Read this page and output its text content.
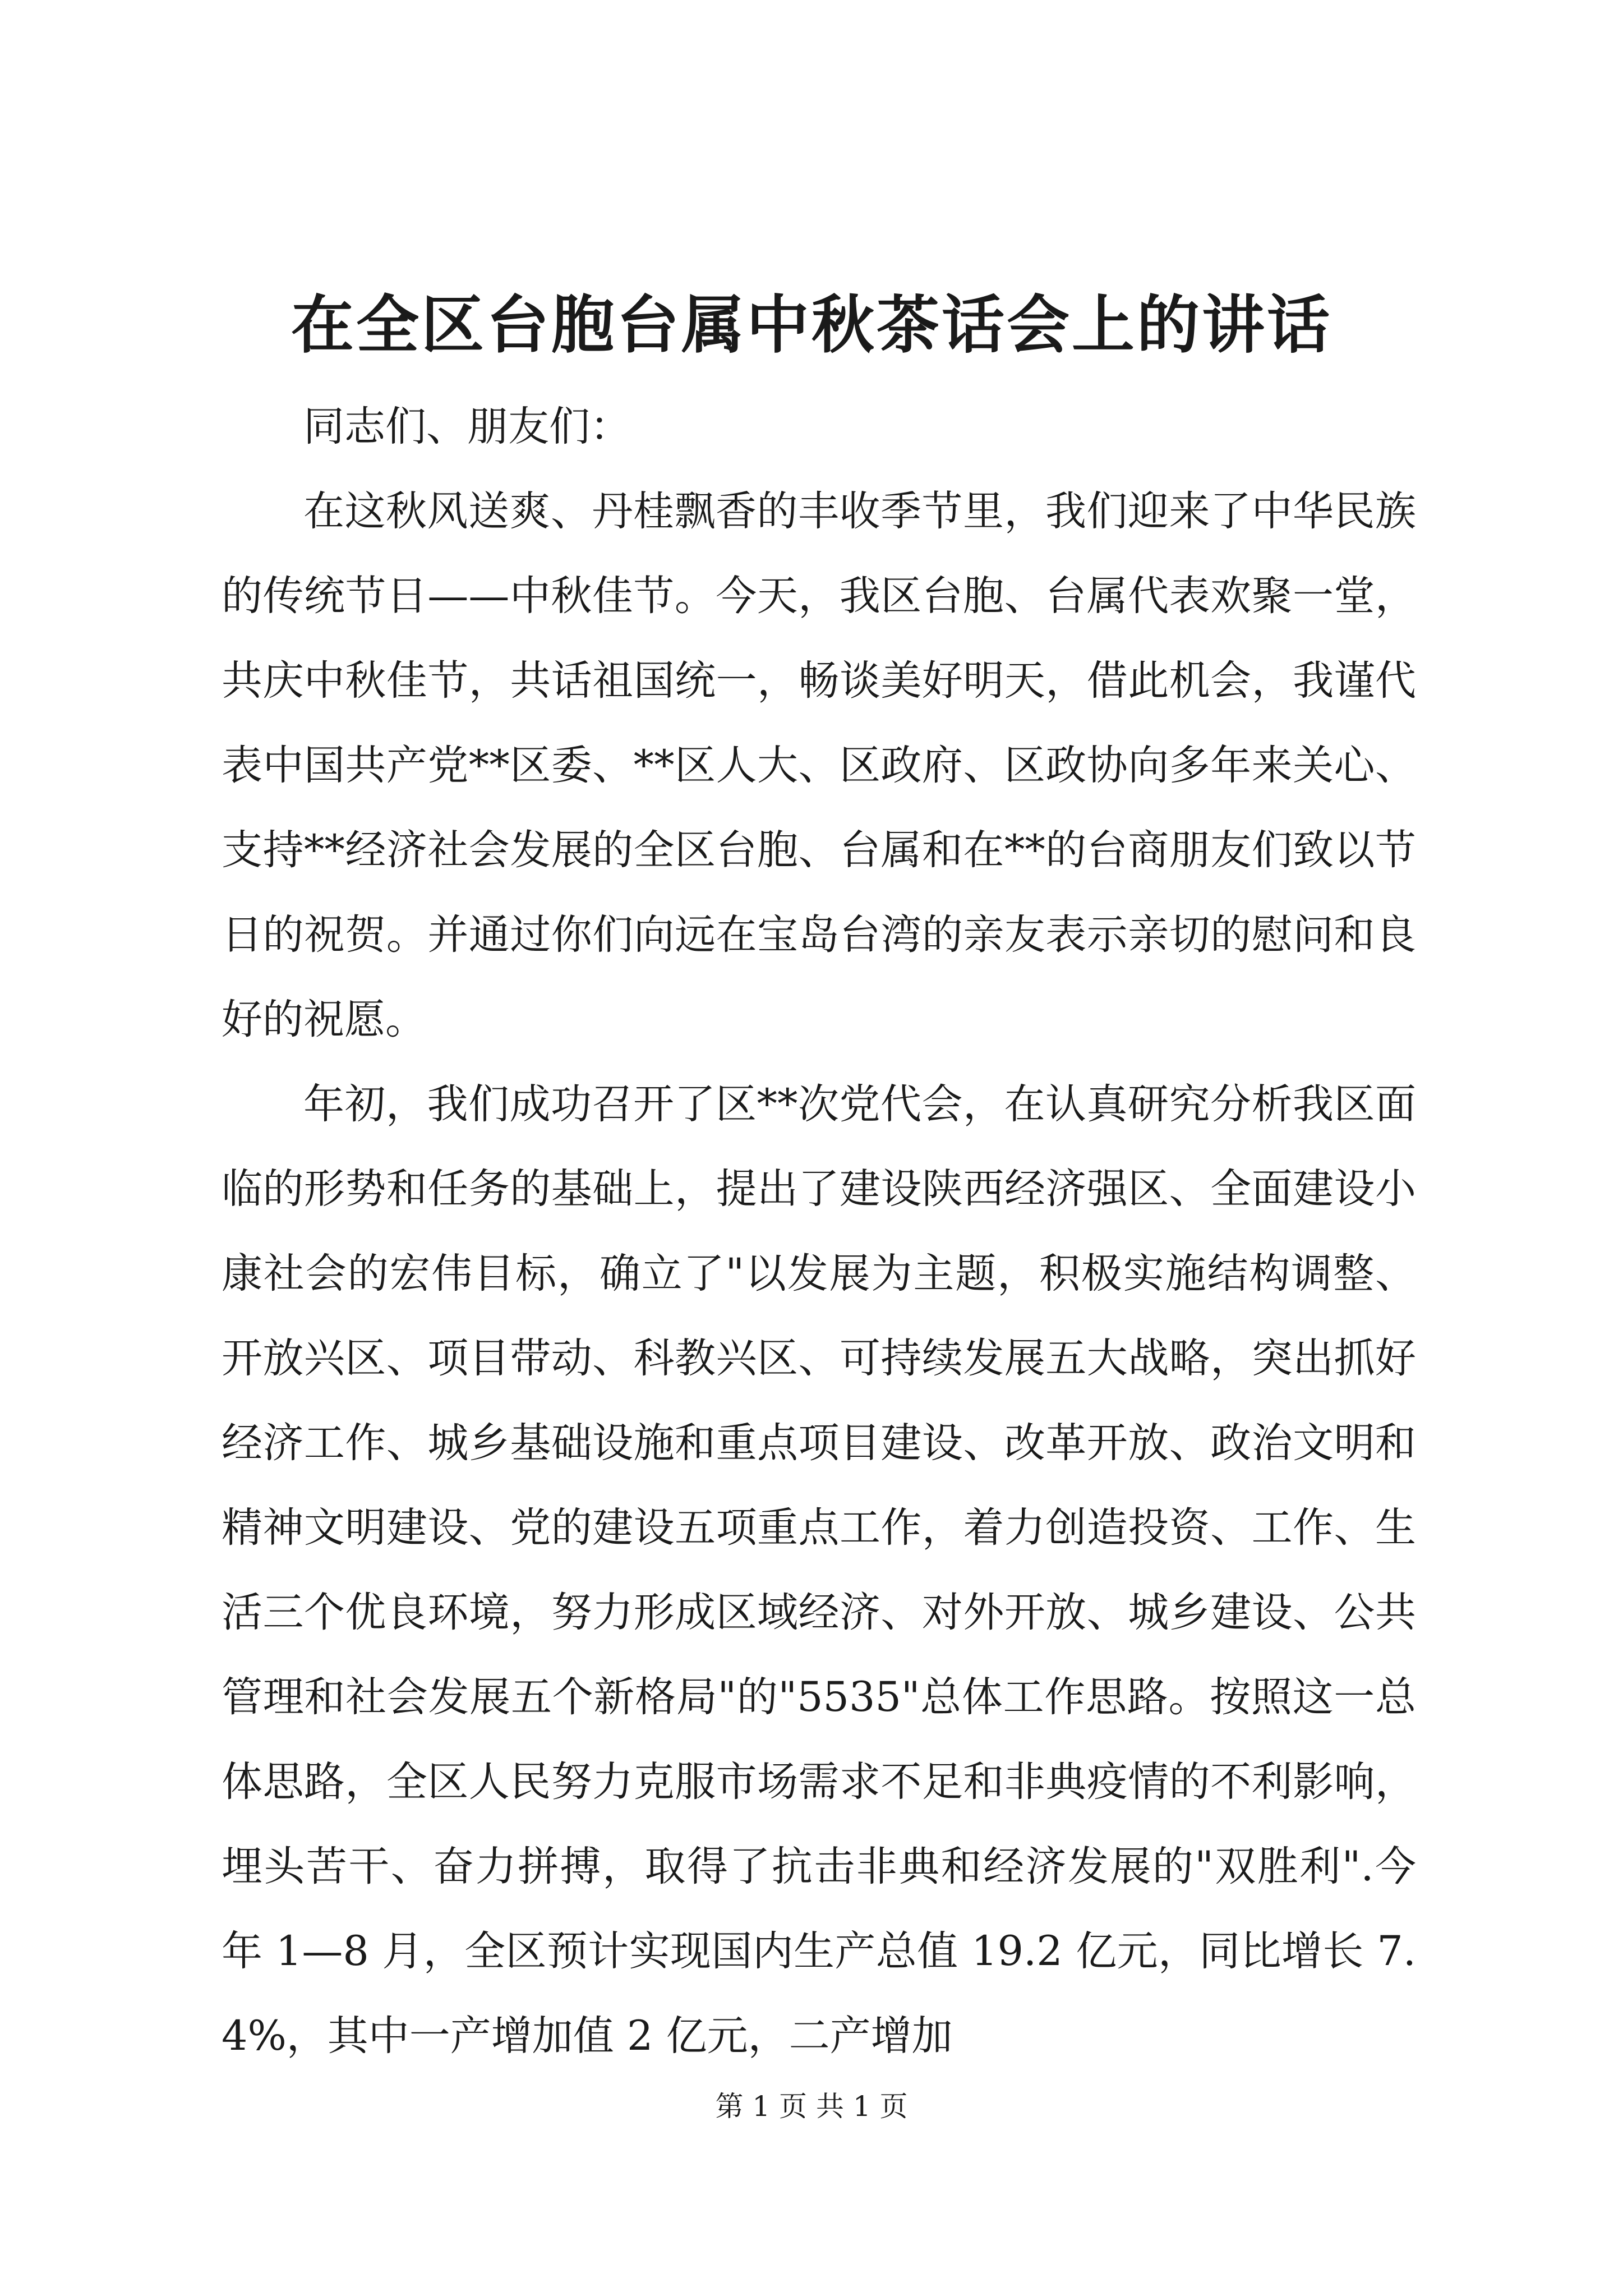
在全区台胞台属中秋茶话会上的讲话

同志们、朋友们：

在这秋风送爽、丹桂飘香的丰收季节里，我们迎来了中华民族的传统节日——中秋佳节。今天，我区台胞、台属代表欢聚一堂，共庆中秋佳节，共话祖国统一，畅谈美好明天，借此机会，我谨代表中国共产党**区委、**区人大、区政府、区政协向多年来关心、支持**经济社会发展的全区台胞、台属和在**的台商朋友们致以节日的祝贺。并通过你们向远在宝岛台湾的亲友表示亲切的慰问和良好的祝愿。

年初，我们成功召开了区**次党代会，在认真研究分析我区面临的形势和任务的基础上，提出了建设陕西经济强区、全面建设小康社会的宏伟目标，确立了"以发展为主题，积极实施结构调整、开放兴区、项目带动、科教兴区、可持续发展五大战略，突出抓好经济工作、城乡基础设施和重点项目建设、改革开放、政治文明和精神文明建设、党的建设五项重点工作，着力创造投资、工作、生活三个优良环境，努力形成区域经济、对外开放、城乡建设、公共管理和社会发展五个新格局"的"5535"总体工作思路。按照这一总体思路，全区人民努力克服市场需求不足和非典疫情的不利影响，埋头苦干、奋力拼搏，取得了抗击非典和经济发展的"双胜利".今年 1—8 月，全区预计实现国内生产总值 19.2 亿元，同比增长 7.4%，其中一产增加值 2 亿元，二产增加

第 1 页 共 1 页
